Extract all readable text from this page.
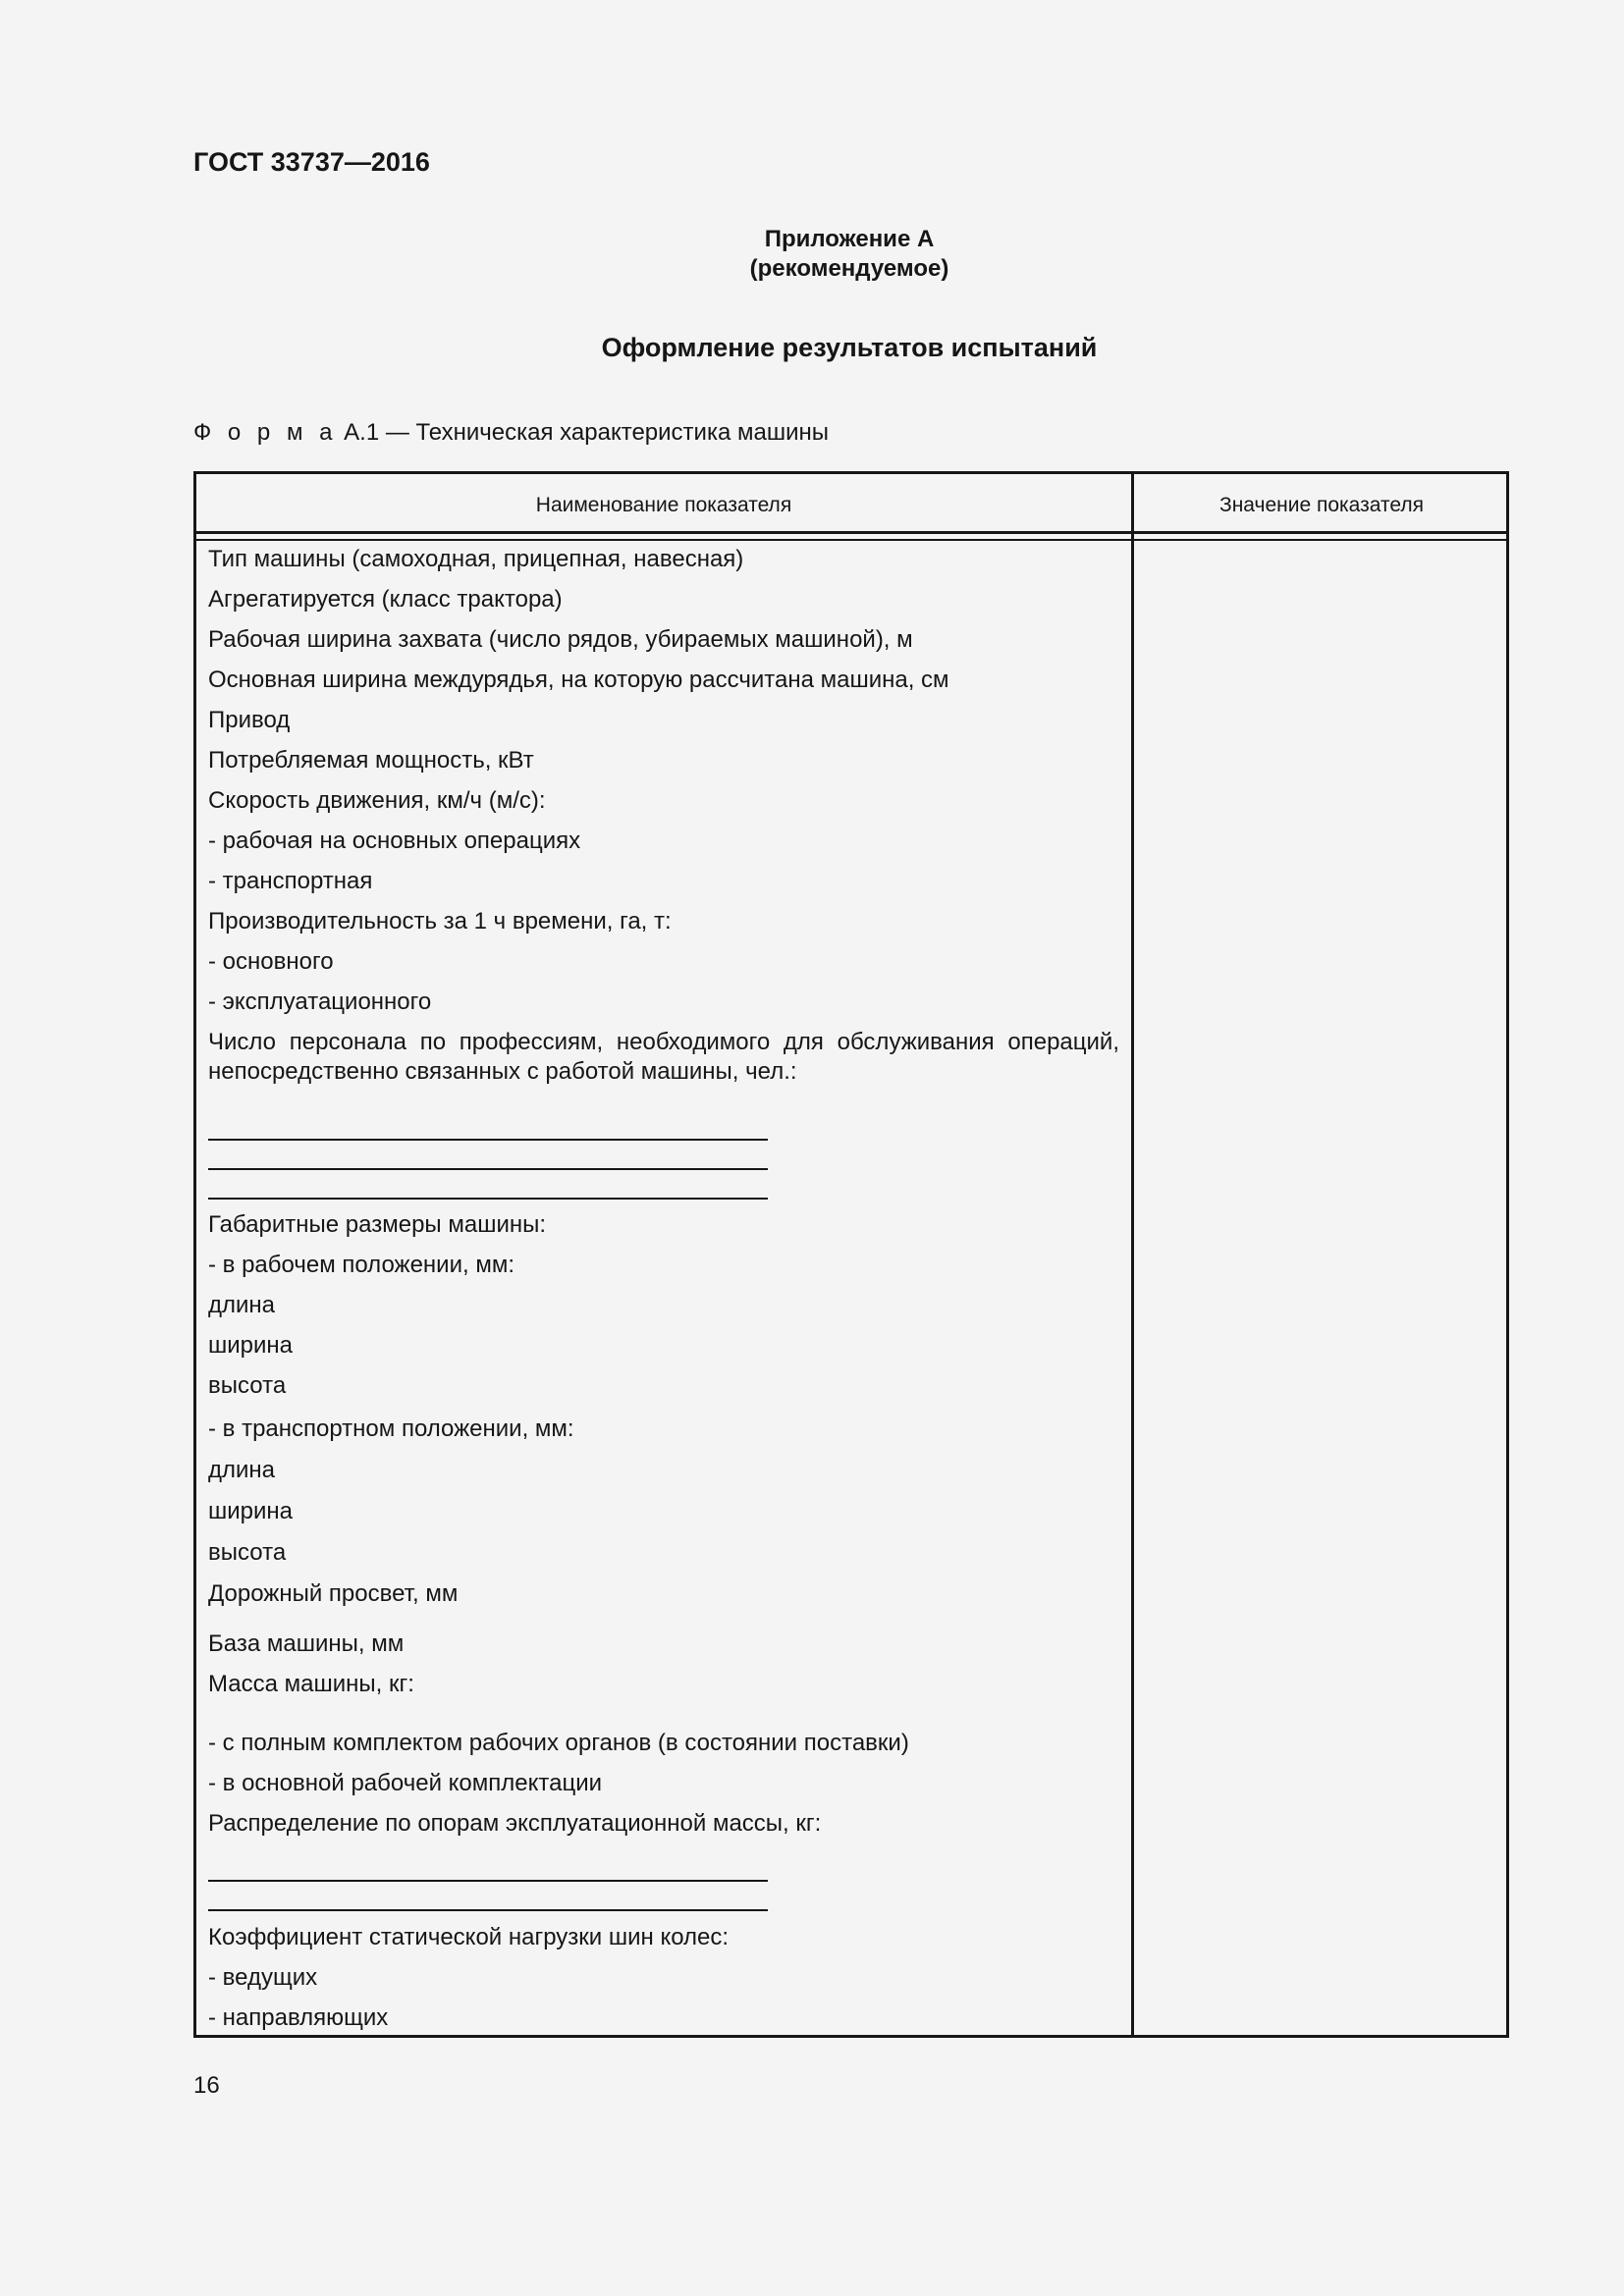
ГОСТ 33737—2016
Приложение А
(рекомендуемое)
Оформление результатов испытаний
Ф о р м а А.1 — Техническая характеристика машины
Наименование показателя	Значение показателя
Тип машины (самоходная, прицепная, навесная)
Агрегатируется (класс трактора)
Рабочая ширина захвата (число рядов, убираемых машиной), м
Основная ширина междурядья, на которую рассчитана машина, см
Привод
Потребляемая мощность, кВт
Скорость движения, км/ч (м/с):
- рабочая на основных операциях
- транспортная
Производительность за 1 ч времени, га, т:
- основного
- эксплуатационного
Число персонала по профессиям, необходимого для обслуживания операций, непосредственно связанных с работой машины, чел.:
Габаритные размеры машины:
- в рабочем положении, мм:
длина
ширина
высота
- в транспортном положении, мм:
длина
ширина
высота
Дорожный просвет, мм
База машины, мм
Масса машины, кг:
- с полным комплектом рабочих органов (в состоянии поставки)
- в основной рабочей комплектации
Распределение по опорам эксплуатационной массы, кг:
Коэффициент статической нагрузки шин колес:
- ведущих
- направляющих
16
